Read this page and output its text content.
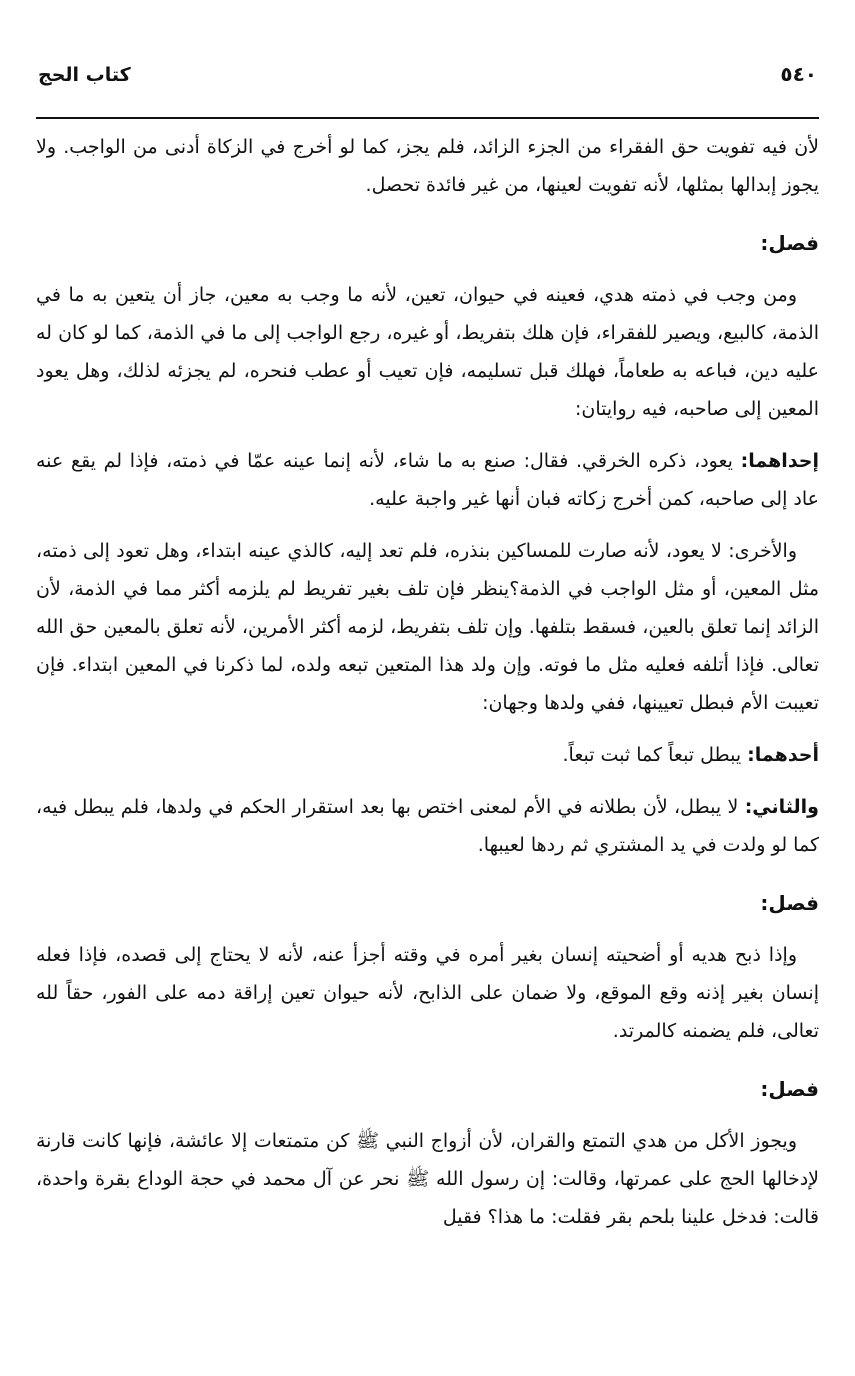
٥٤٠
كتاب الحج

لأن فيه تفويت حق الفقراء من الجزء الزائد، فلم يجز، كما لو أخرج في الزكاة أدنى من الواجب. ولا يجوز إبدالها بمثلها، لأنه تفويت لعينها، من غير فائدة تحصل.

فصل:

ومن وجب في ذمته هدي، فعينه في حيوان، تعين، لأنه ما وجب به معين، جاز أن يتعين به ما في الذمة، كالبيع، ويصير للفقراء، فإن هلك بتفريط، أو غيره، رجع الواجب إلى ما في الذمة، كما لو كان له عليه دين، فباعه به طعاماً، فهلك قبل تسليمه، فإن تعيب أو عطب فنحره، لم يجزئه لذلك، وهل يعود المعين إلى صاحبه، فيه روايتان:

إحداهما: يعود، ذكره الخرقي. فقال: صنع به ما شاء، لأنه إنما عينه عمّا في ذمته، فإذا لم يقع عنه عاد إلى صاحبه، كمن أخرج زكاته فبان أنها غير واجبة عليه.

والأخرى: لا يعود، لأنه صارت للمساكين بنذره، فلم تعد إليه، كالذي عينه ابتداء، وهل تعود إلى ذمته، مثل المعين، أو مثل الواجب في الذمة؟ينظر فإن تلف بغير تفريط لم يلزمه أكثر مما في الذمة، لأن الزائد إنما تعلق بالعين، فسقط بتلفها. وإن تلف بتفريط، لزمه أكثر الأمرين، لأنه تعلق بالمعين حق الله تعالى. فإذا أتلفه فعليه مثل ما فوته. وإن ولد هذا المتعين تبعه ولده، لما ذكرنا في المعين ابتداء. فإن تعيبت الأم فبطل تعيينها، ففي ولدها وجهان:

أحدهما: يبطل تبعاً كما ثبت تبعاً.

والثاني: لا يبطل، لأن بطلانه في الأم لمعنى اختص بها بعد استقرار الحكم في ولدها، فلم يبطل فيه، كما لو ولدت في يد المشتري ثم ردها لعيبها.

فصل:

وإذا ذبح هديه أو أضحيته إنسان بغير أمره في وقته أجزأ عنه، لأنه لا يحتاج إلى قصده، فإذا فعله إنسان بغير إذنه وقع الموقع، ولا ضمان على الذابح، لأنه حيوان تعين إراقة دمه على الفور، حقاً لله تعالى، فلم يضمنه كالمرتد.

فصل:

ويجوز الأكل من هدي التمتع والقران، لأن أزواج النبي ﷺ كن متمتعات إلا عائشة، فإنها كانت قارنة لإدخالها الحج على عمرتها، وقالت: إن رسول الله ﷺ نحر عن آل محمد في حجة الوداع بقرة واحدة، قالت: فدخل علينا بلحم بقر فقلت: ما هذا؟ فقيل
